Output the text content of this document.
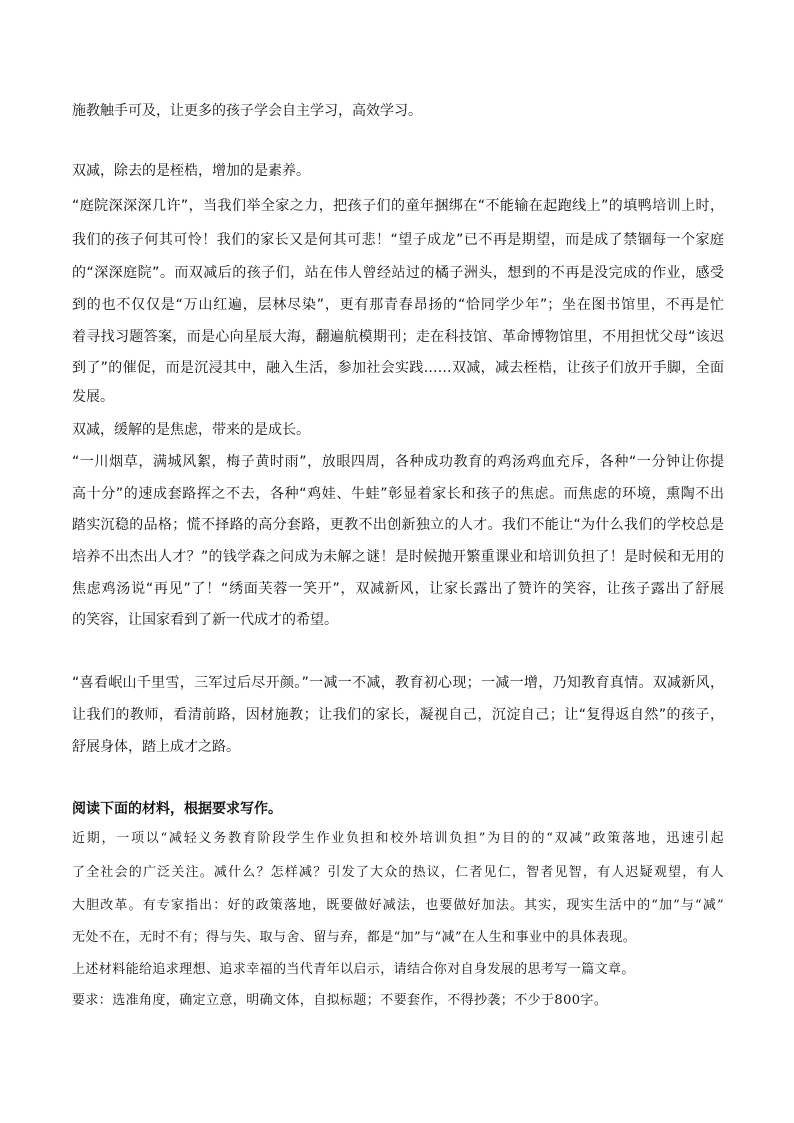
施教触手可及，让更多的孩子学会自主学习，高效学习。
双减，除去的是桎梏，增加的是素养。
“庭院深深深几许”，当我们举全家之力，把孩子们的童年捆绑在“不能输在起跑线上”的填鸭培训上时，
我们的孩子何其可怜！我们的家长又是何其可悲！“望子成龙”已不再是期望，而是成了禁锢每一个家庭
的“深深庭院”。而双减后的孩子们，站在伟人曾经站过的橘子洲头，想到的不再是没完成的作业，感受
到的也不仅仅是“万山红遍，层林尽染”，更有那青春昂扬的“恰同学少年”；坐在图书馆里，不再是忙
着寻找习题答案，而是心向星辰大海，翻遍航模期刊；走在科技馆、革命博物馆里，不用担忧父母“该迟
到了”的催促，而是沉浸其中，融入生活，参加社会实践……双减，减去桎梏，让孩子们放开手脚，全面
发展。
双减，缓解的是焦虑，带来的是成长。
“一川烟草，满城风絮，梅子黄时雨”，放眼四周，各种成功教育的鸡汤鸡血充斥，各种“一分钟让你提
高十分”的速成套路挥之不去，各种“鸡娃、牛蛙”彰显着家长和孩子的焦虑。而焦虑的环境，熏陶不出
踏实沉稳的品格；慌不择路的高分套路，更教不出创新独立的人才。我们不能让“为什么我们的学校总是
培养不出杰出人才？”的钱学森之问成为未解之谜！是时候抛开繁重课业和培训负担了！是时候和无用的
焦虑鸡汤说“再见”了！“绣面芙蓉一笑开”，双减新风，让家长露出了赞许的笑容，让孩子露出了舒展
的笑容，让国家看到了新一代成才的希望。
“喜看岷山千里雪，三军过后尽开颜。”一减一不减，教育初心现；一减一增，乃知教育真情。双减新风，
让我们的教师，看清前路，因材施教；让我们的家长，凝视自己，沉淀自己；让“复得返自然”的孩子，
舒展身体，踏上成才之路。
阅读下面的材料，根据要求写作。
近期，一项以“减轻义务教育阶段学生作业负担和校外培训负担”为目的的“双减”政策落地，迅速引起
了全社会的广泛关注。减什么？怎样减？引发了大众的热议，仁者见仁，智者见智，有人迟疑观望，有人
大胆改革。有专家指出：好的政策落地，既要做好减法，也要做好加法。其实，现实生活中的“加”与“减”
无处不在，无时不有；得与失、取与舍、留与弃，都是“加”与“减”在人生和事业中的具体表现。
上述材料能给追求理想、追求幸福的当代青年以启示，请结合你对自身发展的思考写一篇文章。
要求：选准角度，确定立意，明确文体，自拟标题；不要套作，不得抄袭；不少于800字。
